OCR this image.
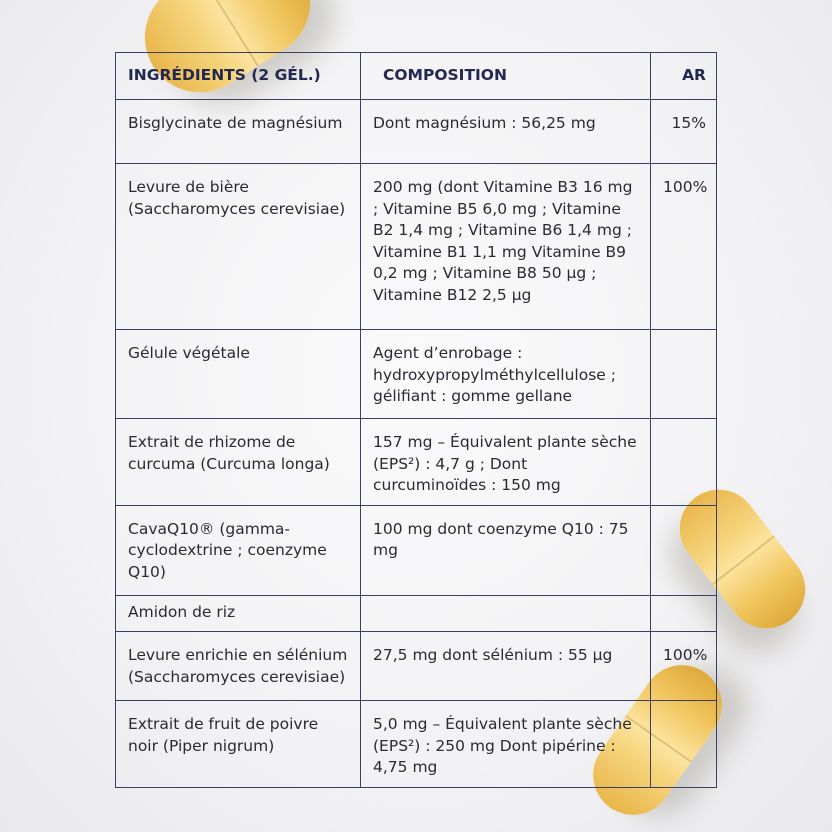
INGRÉDIENTS (2 GÉL.)	COMPOSITION	AR
Bisglycinate de magnésium	Dont magnésium : 56,25 mg	15%
Levure de bière (Saccharomyces cerevisiae)	200 mg (dont Vitamine B3 16 mg ; Vitamine B5 6,0 mg ; Vitamine B2 1,4 mg ; Vitamine B6 1,4 mg ; Vitamine B1 1,1 mg Vitamine B9 0,2 mg ; Vitamine B8 50 µg ; Vitamine B12 2,5 µg	100%
Gélule végétale	Agent d’enrobage : hydroxypropylméthylcellulose ; gélifiant : gomme gellane	
Extrait de rhizome de curcuma (Curcuma longa)	157 mg – Équivalent plante sèche (EPS²) : 4,7 g ; Dont curcuminoïdes : 150 mg	
CavaQ10® (gamma-cyclodextrine ; coenzyme Q10)	100 mg dont coenzyme Q10 : 75 mg	
Amidon de riz		
Levure enrichie en sélénium (Saccharomyces cerevisiae)	27,5 mg dont sélénium : 55 µg	100%
Extrait de fruit de poivre noir (Piper nigrum)	5,0 mg – Équivalent plante sèche (EPS²) : 250 mg Dont pipérine : 4,75 mg	
